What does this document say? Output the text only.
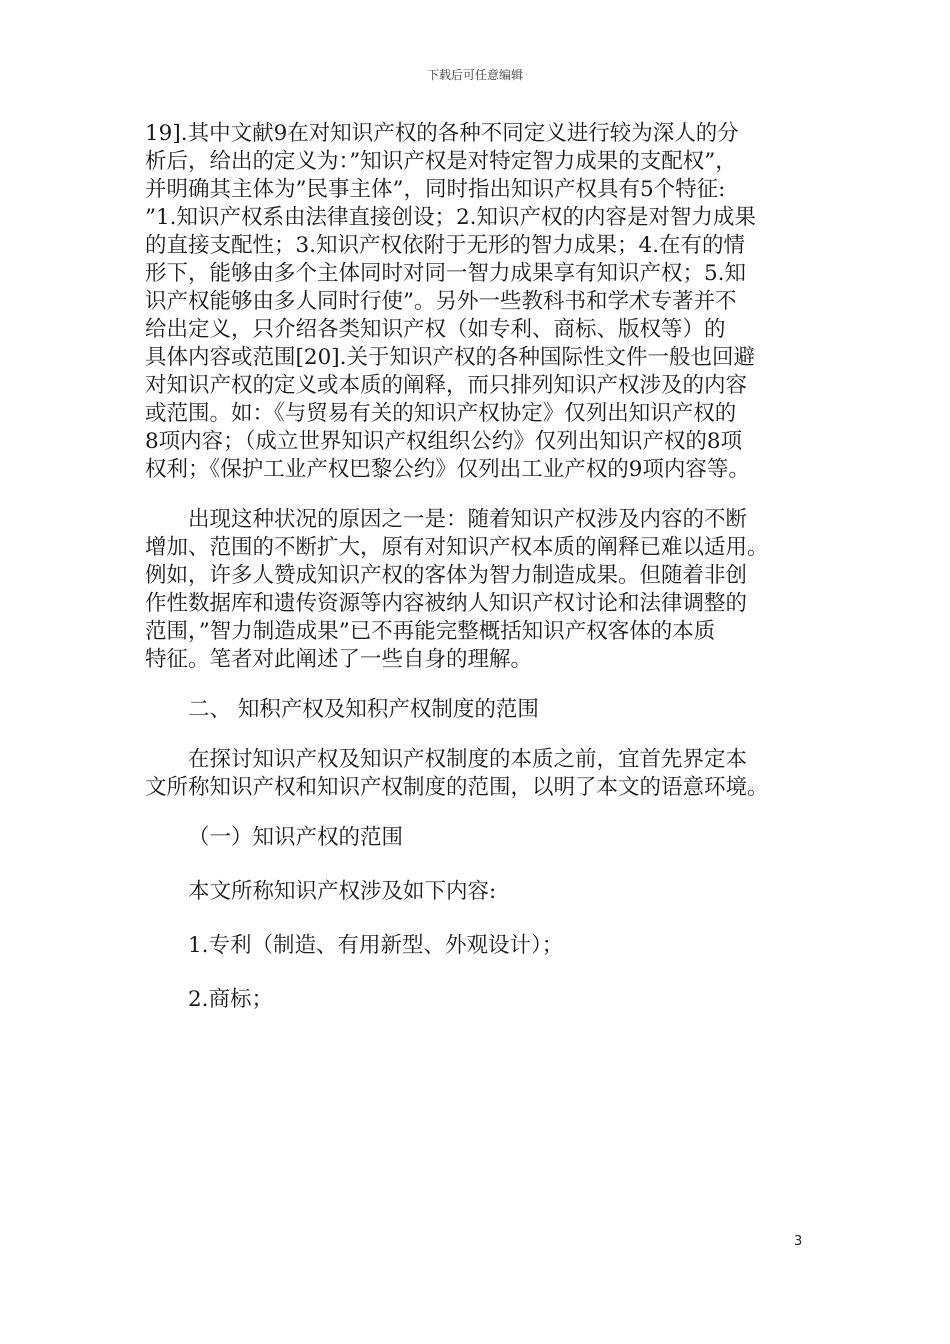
下载后可任意编辑
19].其中文献9在对知识产权的各种不同定义进行较为深人的分
析后，给出的定义为：”知识产权是对特定智力成果的支配权”，
并明确其主体为”民事主体”，同时指出知识产权具有5个特征:
”1.知识产权系由法律直接创设；2.知识产权的内容是对智力成果
的直接支配性；3.知识产权依附于无形的智力成果；4.在有的情
形下，能够由多个主体同时对同一智力成果享有知识产权；5.知
识产权能够由多人同时行使”。另外一些教科书和学术专著并不
给出定义，只介绍各类知识产权（如专利、商标、版权等）的
具体内容或范围[20].关于知识产权的各种国际性文件一般也回避
对知识产权的定义或本质的阐释，而只排列知识产权涉及的内容
或范围。如：《与贸易有关的知识产权协定》仅列出知识产权的
8项内容；（成立世界知识产权组织公约》仅列出知识产权的8项
权利；《保护工业产权巴黎公约》仅列出工业产权的9项内容等。
出现这种状况的原因之一是：随着知识产权涉及内容的不断
增加、范围的不断扩大，原有对知识产权本质的阐释已难以适用。
例如，许多人赞成知识产权的客体为智力制造成果。但随着非创
作性数据库和遗传资源等内容被纳人知识产权讨论和法律调整的
范围，”智力制造成果”已不再能完整概括知识产权客体的本质
特征。笔者对此阐述了一些自身的理解。
二、 知积产权及知积产权制度的范围
在探讨知识产权及知识产权制度的本质之前，宜首先界定本
文所称知识产权和知识产权制度的范围，以明了本文的语意环境。
（一）知识产权的范围
本文所称知识产权涉及如下内容:
1.专利（制造、有用新型、外观设计）；
2.商标；
3
